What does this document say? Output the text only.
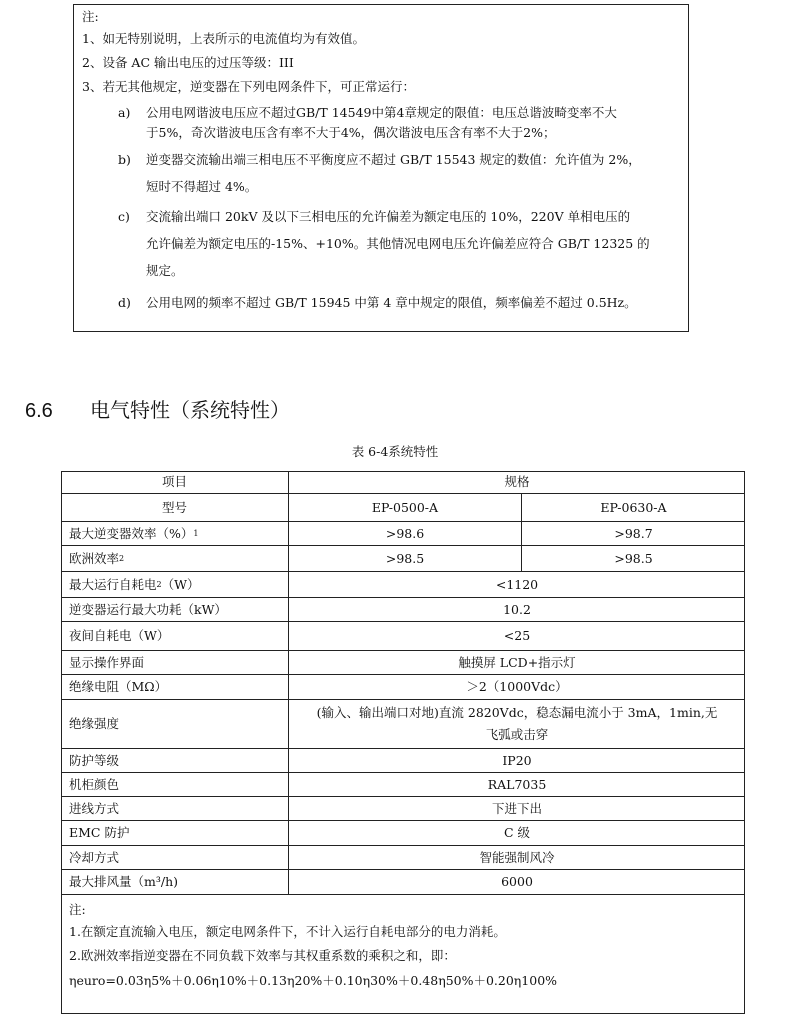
注:
1、如无特别说明，上表所示的电流值均为有效值。
2、设备 AC 输出电压的过压等级：III
3、若无其他规定，逆变器在下列电网条件下，可正常运行：
a) 公用电网谐波电压应不超过GB/T 14549中第4章规定的限值：电压总谐波畸变率不大
于5%，奇次谐波电压含有率不大于4%，偶次谐波电压含有率不大于2%；
b) 逆变器交流输出端三相电压不平衡度应不超过 GB/T 15543 规定的数值：允许值为 2%，
短时不得超过 4%。
c) 交流输出端口 20kV 及以下三相电压的允许偏差为额定电压的 10%，220V 单相电压的
允许偏差为额定电压的-15%、+10%。其他情况电网电压允许偏差应符合 GB/T 12325 的
规定。
d) 公用电网的频率不超过 GB/T 15945 中第 4 章中规定的限值，频率偏差不超过 0.5Hz。
6.6 电气特性（系统特性）
表 6-4系统特性
项目	规格
型号	EP-0500-A	EP-0630-A
最大逆变器效率（%） 1	>98.6	>98.7
欧洲效率 2	>98.5	>98.5
最大运行自耗电 2 （W）	<1120
逆变器运行最大功耗（kW）	10.2
夜间自耗电（W）	<25
显示操作界面	触摸屏 LCD+指示灯
绝缘电阻（MΩ）	＞2（1000Vdc）
绝缘强度
(输入、输出端口对地)直流 2820Vdc，稳态漏电流小于 3mA，1min,无
飞弧或击穿
防护等级	IP20
机柜颜色	RAL7035
进线方式	下进下出
EMC 防护	C 级
冷却方式	智能强制风冷
最大排风量（m³/h)	6000
注:
1.在额定直流输入电压，额定电网条件下，不计入运行自耗电部分的电力消耗。
2.欧洲效率指逆变器在不同负载下效率与其权重系数的乘积之和，即：
ηeuro=0.03η5%＋0.06η10%＋0.13η20%＋0.10η30%＋0.48η50%＋0.20η100%
